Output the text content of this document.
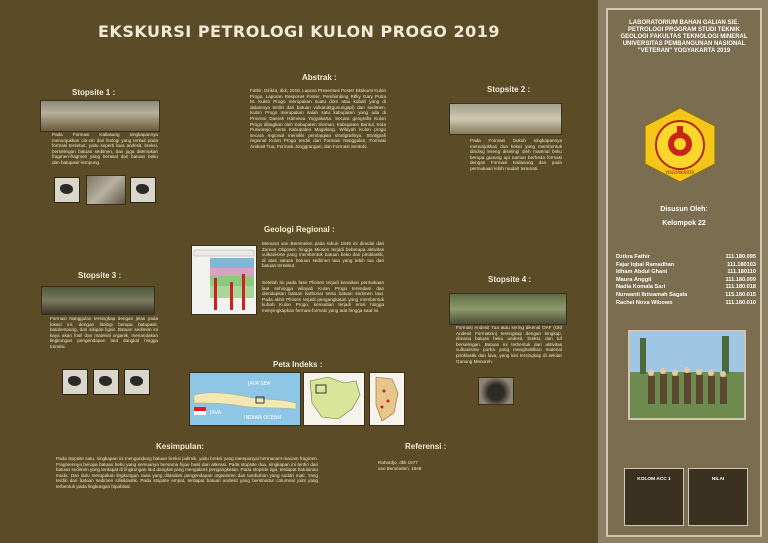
EKSKURSI PETROLOGI KULON PROGO 2019
Stopsite 1 :
Pada Formasi Kaliasang singkapannya menunjukkan ciri-ciri dari litologi yang terkait pada formasi tersebut, yaitu seperti lava andesit, breksi, berselingan batuan sedimen, dan juga ditemukan fragmen-fragmen yang berasal dari batuan beku dan batupasir-lempung.
Abstrak :
Fathir, Dzikra, dkk, 2019, Lapora Presentasi Poster Ekskursi Kulon Progo, Laporan Responet Poster, Pembimbing Rifky Gary Putra M. Kulon Progo merupakan suatu dom atau kubah yang di dalamnya terdiri dari batuan vulkanik(gunungapi) dan sedimen. Kulon Progo merupakan salah satu kabupaten yang ada di Provinsi Daerah Istimewa Yogyakarta. Secara geografis Kulon Progo dibagkan oleh Kabupaten Sleman, Kabupaten Bantul, Kota Purworejo, serta Kabupaten Magelang. Wilayah Kulon progo secara regional memiliki pembagian stratigrafinya. Stratigrafi regional Kulon Progo terdiri dari Formasi Nanggulan, Formasi Andesit Tua, Formasi Jonggrangan, dan Formasi Sentolo.
Stopsite 2 :
Pada Formasi Dukuh singkapannya menunjukkan dua kekar yang membentuk dinding lereng diselingi oleh material beku berupa gunung api namun berbeda formasi dengan Formasi Kaliasang dan pada permukaan lebih mudah teramati.
Geologi Regional :
Menurut van Bemmelen pada tahun 1949 ini dimulai dari Zaman Oligosen hingga Miosen terjadi beberapa aktivitas vulkanisme yang membentuk batuan beku dan piroklastik, di atas satuan batuan sedimen laut yang lebih tua dari batuan tersebut.
Setelah itu pada fase Pliosen terjadi kenaikan permukaan laut sehingga wilayah Kulon Progo terendam dan diendapkan batuan karbonat serta batuan sedimen laut. Pada akhir Pliosen terjadi pengangkatan yang membentuk kubah Kulon Progo, kemudian terjadi erosi hingga menyingkapkan formasi-formasi yang ada hingga saat ini.
Stopsite 3 :
Formasi Nanggulan tersingkap dengan jelas pada lokasi ini, dengan litologi berupa batupasir, batulempung, dan sisipan lignit. Batuan sedimen ini kaya akan fosil dan material organik, menandakan lingkungan pengendapan laut dangkal hingga transisi.
Stopsite 4 :
Formasi Andesit Tua atau sering dikenal OAF (Old Andesit Formation) tersingkap dengan lengkap, dimana batuan beku andesit, breksi, dan tuf berselingan. Batuan ini terbentuk dari aktivitas vulkanisme purba yang menghasilkan material piroklastik dan lava, yang kini tersingkap di sekitar Gunung Menoreh.
Peta Indeks :
JAVA SEA
INDIAN OCEAN
JAVA
Kesimpulan:
Pada stopsite satu, singkapan ini mengandung batuan breksi polimik, yaitu breksi yang mempunyai bermacam-macam fragmen. Fragmennya berupa batuan beku yang semuanya bersama hijau hasil dari alterasi. Pada stopsite dua, singkapan ini terdiri dari batuan sedimen yang terdapat di lingkungan laut dangkal yang mengalami pengangkatan. Pada stopsite tiga, terdapat batulanau muda. Dan dulu merupakan lingkungan rawa yang dilandasi pengendapan organisme dan tumbuhan yang sudah mati. Yang terdiri dari batuan sedimen silisiklastik. Pada stopsite empat, terdapat batuan andesit yang berstruktur columnar joint yang terbentuk pada lingkungan hipabisal.
Referensi :
Rahardjo, dkk 1977
van Bemmelen, 1949
LABORATORIUM BAHAN GALIAN SIE. PETROLOGI PROGRAM STUDI TEKNIK GEOLOGI FAKULTAS TEKNOLOGI MINERAL UNIVERSITAS PEMBANGUNAN NASIONAL "VETERAN" YOGYAKARTA 2019
YOGYAKARTA
Disusun Oleh:
Kelompok 22
Dzikra Fathir	111.180.095
Fajar Iqbal Ramadhan	111.180103
Idham Abdul Ghani	111.180110
Maura Anggit	111.180.009
Nadia Komala Sari	111.180.018
Nurwanti Ibtisamah Sagala	115.180.015
Rachel Nova Wibowo	111.180.010
KOLOM ACC 1	NILAI
